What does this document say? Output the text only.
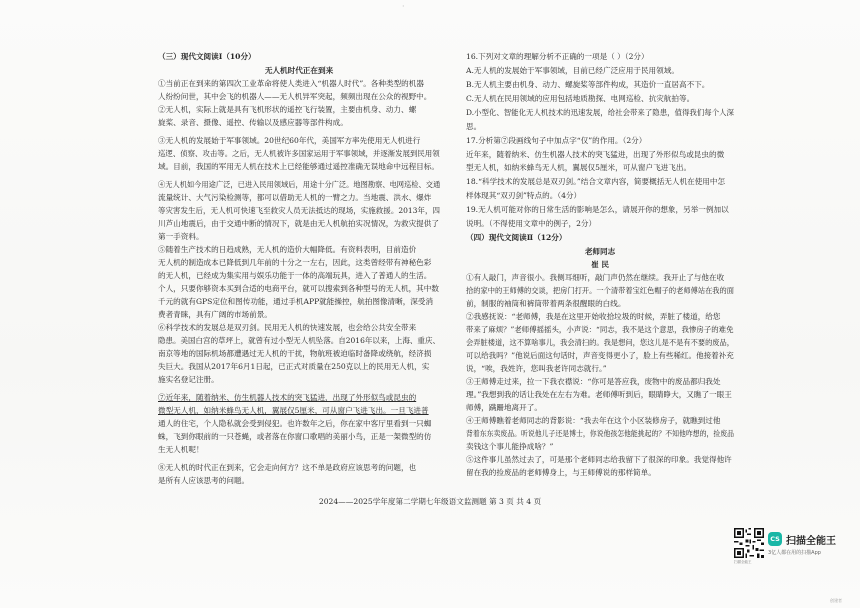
·
（三）现代文阅读Ⅰ（10分）
无人机时代正在到来
①当前正在到来的第四次工业革命将使人类进入“机器人时代”。各种类型的机器
人纷纷问世，其中会飞的机器人——无人机异军突起，频频出现在公众的视野中。
②无人机，实际上就是具有飞机形状的遥控飞行装置，主要由机身、动力、螺
旋桨、录音、摄像、遥控、传输以及感应器等部件构成。
③无人机的发展始于军事领域。20世纪60年代，美国军方率先使用无人机进行
巡逻、侦察、攻击等。之后，无人机被许多国家运用于军事领域，并逐渐发展到民用领
域。目前，我国的军用无人机在技术上已经能够通过遥控准确无误地命中远程目标。
④无人机如今用途广泛，已进入民用领域后，用途十分广泛。地图勘察、电网巡检、交通
流量统计、大气污染检测等，都可以借助无人机的一臂之力。当地震、洪水、爆炸
等灾害发生后，无人机可快速飞至救灾人员无法抵达的现场，实施救援。2013年，四
川芦山地震后，由于交通中断的情况下，就是由无人机航拍实况情况，为救灾提供了
第一手资料。
⑤随着生产技术的日趋成熟，无人机的造价大幅降低。有资料表明，目前造价
无人机的制造成本已降低到几年前的十分之一左右，因此，这类曾经带有神秘色彩
的无人机，已经成为集实用与娱乐功能于一体的高端玩具，进入了普通人的生活。
个人，只要你够资本买到合适的电商平台，就可以搜索到各种型号的无人机，其中数
千元的就有GPS定位和图传功能，通过手机APP就能操控，航拍图像清晰，深受消
费者青睐，具有广阔的市场前景。
⑥科学技术的发展总是双刃剑。民用无人机的快速发展，也会给公共安全带来
隐患。美国白宫的草坪上，就曾有过小型无人机坠落。自2016年以来，上海、重庆、
南京等地的国际机场都遭遇过无人机的干扰，物航班被迫临时备降或绕航，经济损
失巨大。我国从2017年6月1日起，已正式对质量在250克以上的民用无人机，实
施实名登记注册。
⑦近年来，随着纳米、仿生机器人技术的突飞猛进，出现了外形似鸟或昆虫的
微型无人机，如纳米蜂鸟无人机，翼展仅5厘米，可从窗户飞进飞出。一旦飞进普
通人的住宅，个人隐私就会受到侵犯。也许数年之后，你在家中客厅里看到一只蜘
蛛，飞到你眼前的一只苍蝇，或者落在你窗口歌唱的美丽小鸟，正是一架微型的仿
生无人机呢！
⑧无人机的时代正在到来，它会走向何方？这不单是政府应该思考的问题，也
是所有人应该思考的问题。
16.下列对文章的理解分析不正确的一项是（ ）（2分）
A.无人机的发展始于军事领域，目前已经广泛应用于民用领域。
B.无人机主要由机身、动力、螺旋桨等部件构成，其造价一直居高不下。
C.无人机在民用领域的应用包括地质勘探、电网巡检、抗灾航拍等。
D.小型化、智能化无人机技术的迅速发展，给社会带来了隐患，值得我们每个人深
思。
17.分析第⑦段画线句子中加点字“仅”的作用。（2分）
近年来，随着纳米、仿生机器人技术的突飞猛进，出现了外形似鸟或昆虫的微
型无人机，如纳米蜂鸟无人机，翼展仅5厘米，可从窗户飞进飞出。
18.“科学技术的发展总是双刃剑。”结合文章内容，简要概括无人机在使用中怎
样体现其“双刃剑”特点的。（4分）
19.无人机可能对你的日常生活的影响是怎么，请展开你的想象，另举一例加以
说明。（不得使用文章中的例子，2分）
（四）现代文阅读Ⅱ（12分）
老师同志
崔 民
①有人敲门，声音很小。我侧耳细听，敲门声仍然在继续。我开止了与他在收
拾的家中的王师傅的交谈，把房门打开。一个清带着宝红色帽子的老师傅站在我的面
前，制服的袖筒和裤筒带着两条很醒眼的白线。
②我感抚说：“老师傅，我是在这里开始收拾垃圾的时候，弄脏了楼道，给您
带来了麻烦？”老师傅摇摇头，小声说：“同志，我不是这个意思，我惨房子的难免
会弄脏楼道，这不算啥事儿，我会清扫的。我是想问，您这儿是不是有不要的废品，
可以给我吗？”他说后面这句话时，声音变得更小了，脸上有些稀红。他接着补充
说，“唉，我姓许，您叫我老许同志就行。”
③王师傅走过来，拉一下我衣襟说：“你可是答应我，废物中的废品都归我处
理。”我想到我的话让我处在左右为难。老师傅听到后，眼睛睁大，又瞧了一眼王
师傅，蹒跚地离开了。
④王师傅瞧着老师同志的背影说：“我去年在这个小区装修房子，就瞧到过他
背着东东卖废品。听说他儿子还是博士，你说他孩怎他能挑起的？不知他咋想的，捡废品
卖钱这个事儿能挣成啥？”
⑤这件事儿虽然过去了，可是那个老师同志给我留下了很深的印象。我觉得他许
留在我的捡废品的老师傅身上，与王师傅说的那样简单。
2024——2025学年度第二学期七年级语文监测题 第 3 页 共 4 页
扫描全能王
CS 扫描全能王
3亿人都在用的扫描App
创建者
